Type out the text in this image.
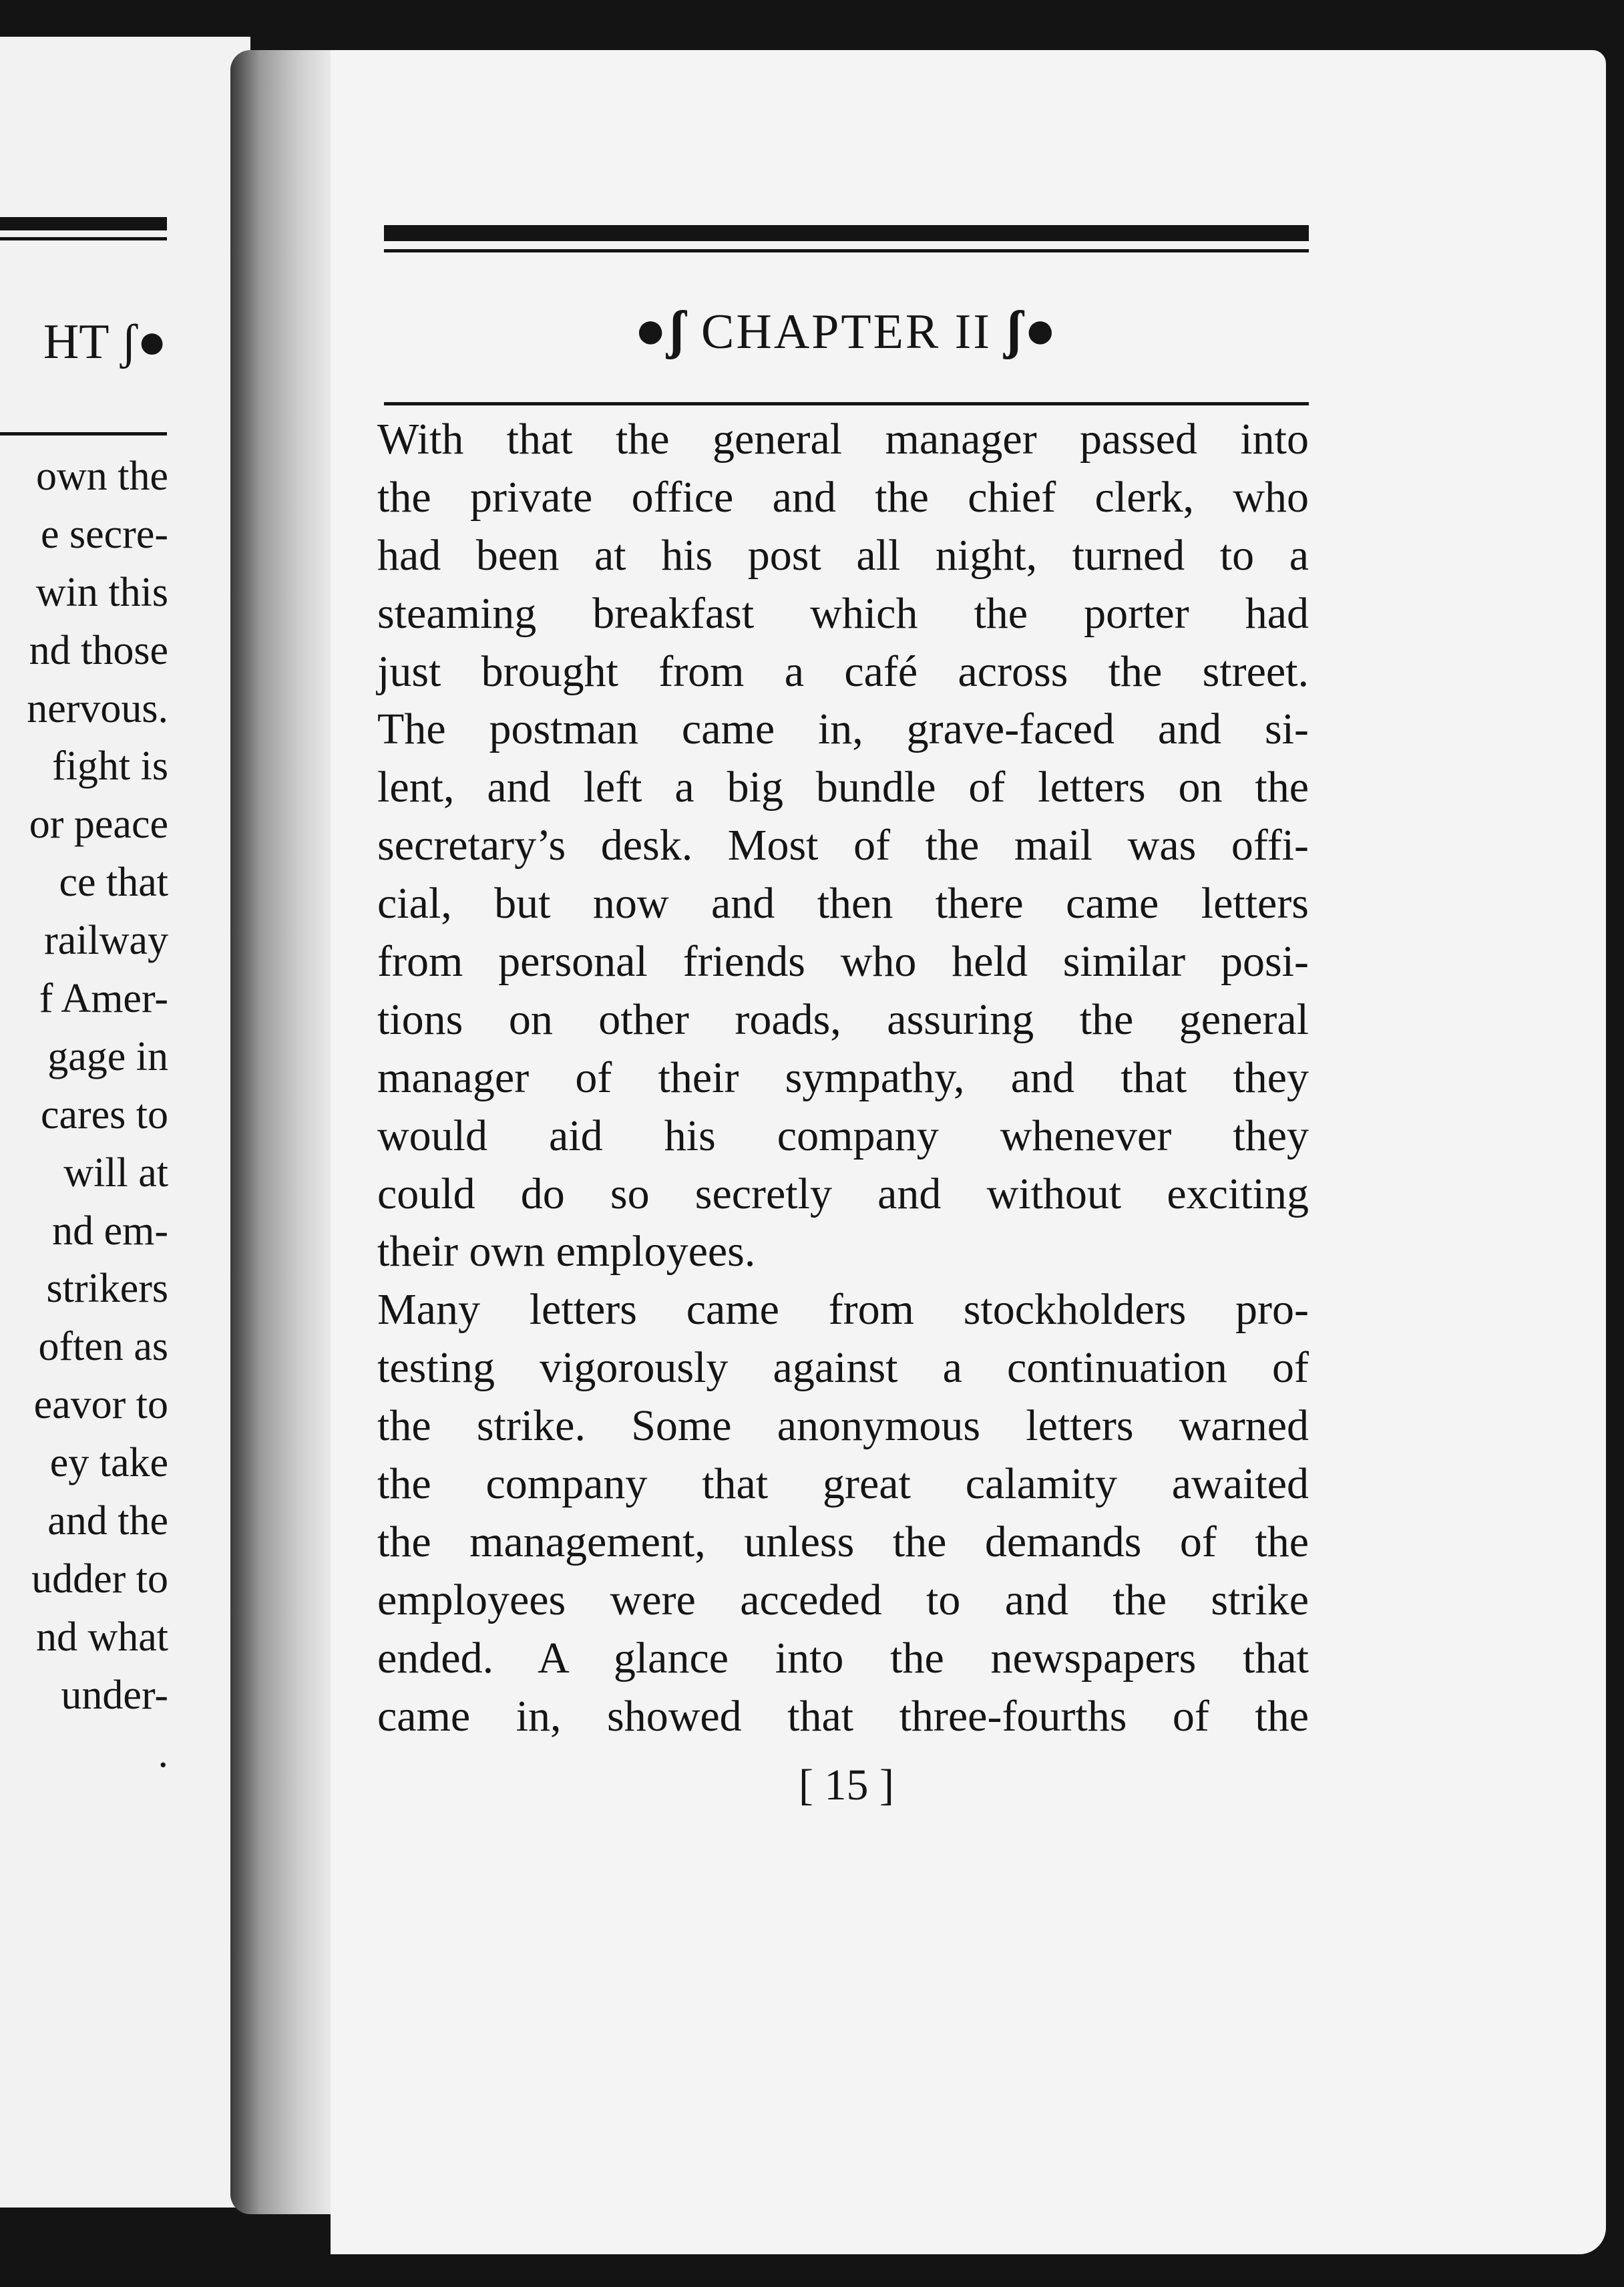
HT ʃ●
own the
e secre-
win this
nd those
nervous.
fight is
or peace
ce that
railway
f Amer-
gage in
cares to
will at
nd em-
strikers
often as
eavor to
ey take
and the
udder to
nd what
under-
.
●ʃ CHAPTER II ʃ●
With that the general manager passed into
the private office and the chief clerk, who
had been at his post all night, turned to a
steaming breakfast which the porter had
just brought from a café across the street.
The postman came in, grave-faced and si-
lent, and left a big bundle of letters on the
secretary’s desk. Most of the mail was offi-
cial, but now and then there came letters
from personal friends who held similar posi-
tions on other roads, assuring the general
manager of their sympathy, and that they
would aid his company whenever they
could do so secretly and without exciting
their own employees.
Many letters came from stockholders pro-
testing vigorously against a continuation of
the strike. Some anonymous letters warned
the company that great calamity awaited
the management, unless the demands of the
employees were acceded to and the strike
ended. A glance into the newspapers that
came in, showed that three-fourths of the
[ 15 ]
